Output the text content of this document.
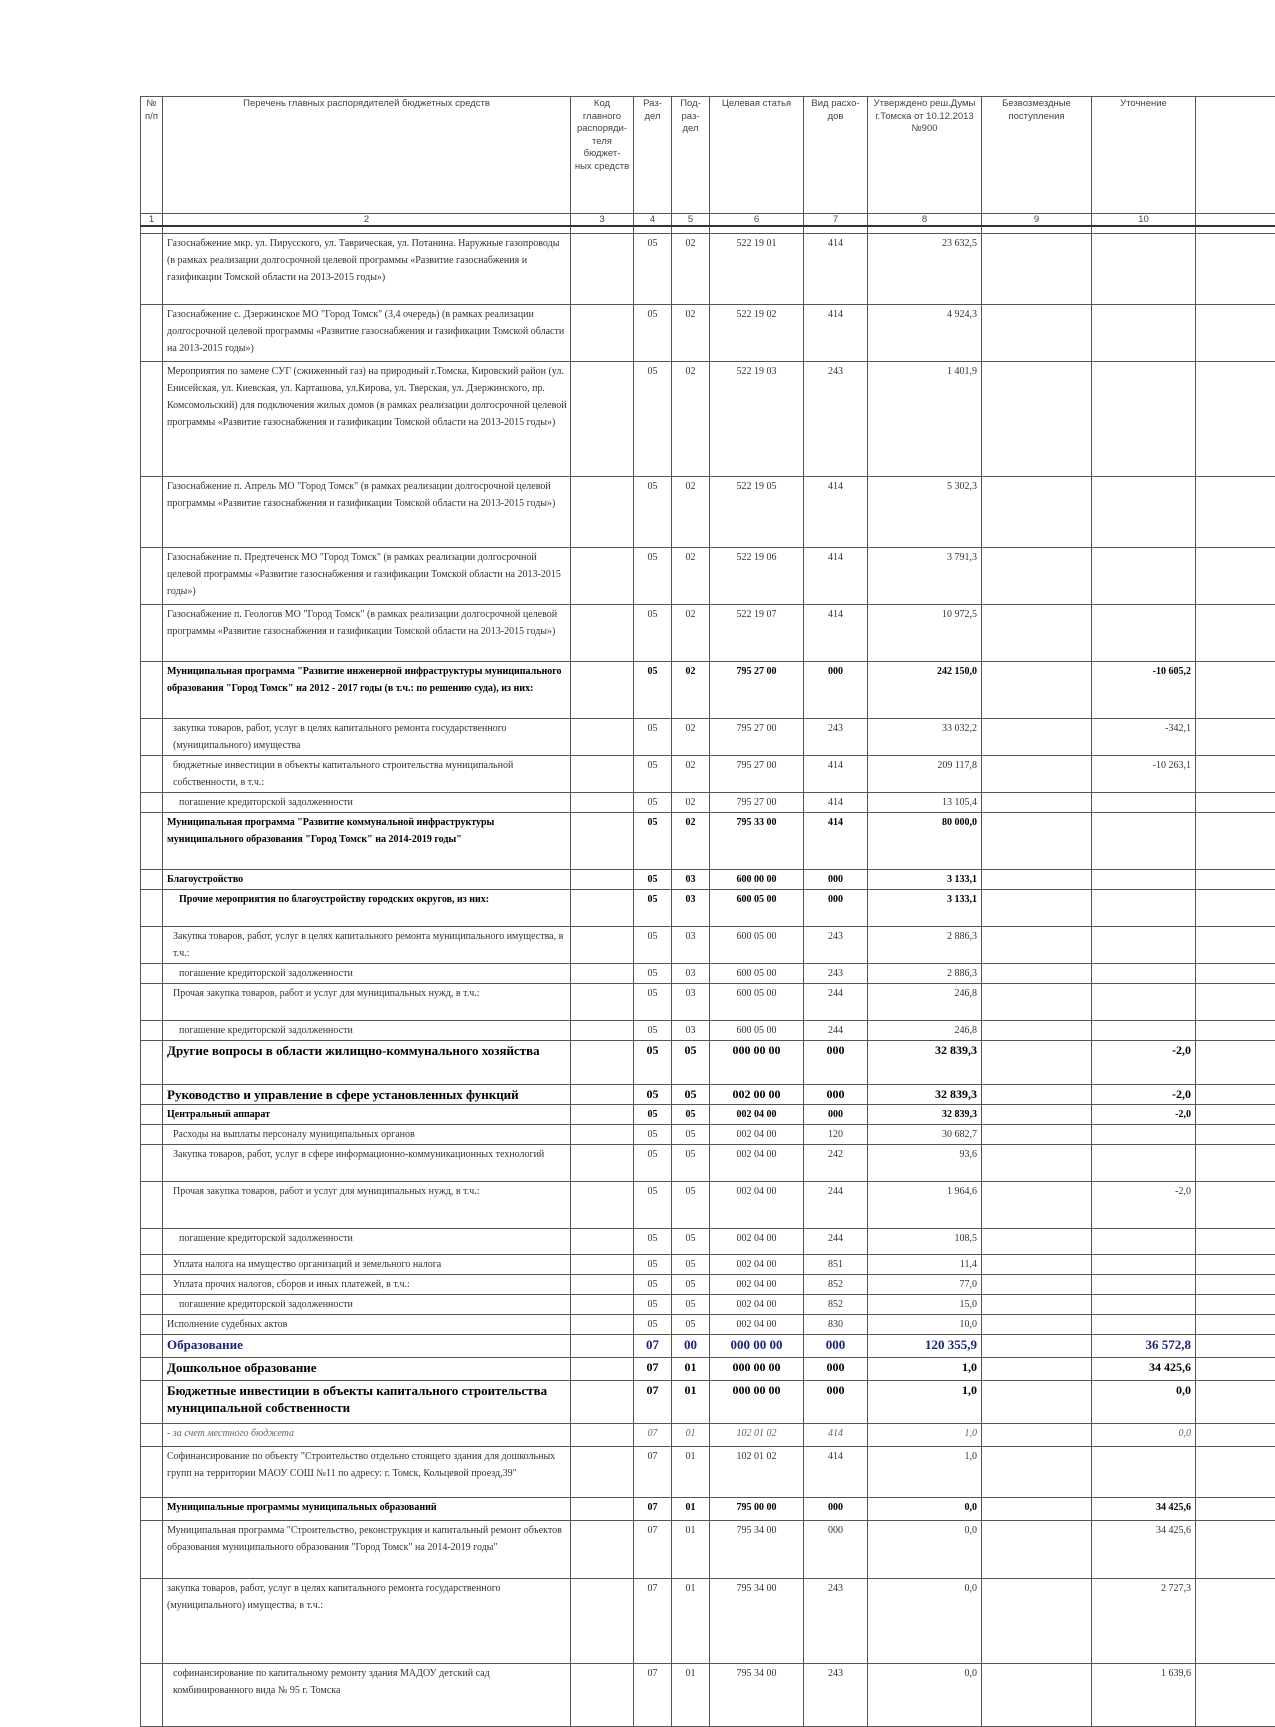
№ п/п	Перечень главных распорядителей бюджетных средств	Код главного распоряди- теля бюджет- ных средств	Раз- дел	Под- раз- дел	Целевая статья	Вид расхо- дов	Утверждено реш.Думы г.Томска от 10.12.2013 №900	Безвозмездные поступления	Уточнение	
1	2	3	4	5	6	7	8	9	10	

	Газоснабжение мкр. ул. Пирусского, ул. Таврическая, ул. Потанина. Наружные газопроводы (в рамках реализации долгосрочной целевой программы «Развитие газоснабжения и газификации Томской области на 2013-2015 годы»)		05	02	522 19 01	414	23 632,5			
	Газоснабжение с. Дзержинское МО "Город Томск" (3,4 очередь) (в рамках реализации долгосрочной целевой программы «Развитие газоснабжения и газификации Томской области на 2013-2015 годы»)		05	02	522 19 02	414	4 924,3			
	Мероприятия по замене СУГ (сжиженный газ) на природный г.Томска, Кировский район (ул. Енисейская, ул. Киевская, ул. Карташова, ул.Кирова, ул. Тверская, ул. Дзержинского, пр. Комсомольский) для подключения жилых домов (в рамках реализации долгосрочной целевой программы «Развитие газоснабжения и газификации Томской области на 2013-2015 годы»)		05	02	522 19 03	243	1 401,9			
	Газоснабжение п. Апрель МО "Город Томск" (в рамках реализации долгосрочной целевой программы «Развитие газоснабжения и газификации Томской области на 2013-2015 годы»)		05	02	522 19 05	414	5 302,3			
	Газоснабжение п. Предтеченск МО "Город Томск" (в рамках реализации долгосрочной целевой программы «Развитие газоснабжения и газификации Томской области на 2013-2015 годы»)		05	02	522 19 06	414	3 791,3			
	Газоснабжение п. Геологов МО "Город Томск" (в рамках реализации долгосрочной целевой программы «Развитие газоснабжения и газификации Томской области на 2013-2015 годы»)		05	02	522 19 07	414	10 972,5			
	Муниципальная программа "Развитие инженерной инфраструктуры муниципального образования "Город Томск" на 2012 - 2017 годы (в т.ч.: по решению суда), из них:		05	02	795 27 00	000	242 150,0		-10 605,2	
	закупка товаров, работ, услуг в целях капитального ремонта государственного (муниципального) имущества		05	02	795 27 00	243	33 032,2		-342,1	
	бюджетные инвестиции в объекты капитального строительства муниципальной собственности, в т.ч.:		05	02	795 27 00	414	209 117,8		-10 263,1	
	погашение кредиторской задолженности		05	02	795 27 00	414	13 105,4			
	Муниципальная программа "Развитие коммунальной инфраструктуры муниципального образования "Город Томск" на 2014-2019 годы"		05	02	795 33 00	414	80 000,0			
	Благоустройство		05	03	600 00 00	000	3 133,1			
	Прочие мероприятия по благоустройству городских округов, из них:		05	03	600 05 00	000	3 133,1			
	Закупка товаров, работ, услуг в целях капитального ремонта муниципального имущества, в т.ч.:		05	03	600 05 00	243	2 886,3			
	погашение кредиторской задолженности		05	03	600 05 00	243	2 886,3			
	Прочая закупка товаров, работ и услуг для муниципальных нужд, в т.ч.:		05	03	600 05 00	244	246,8			
	погашение кредиторской задолженности		05	03	600 05 00	244	246,8			
	Другие вопросы в области жилищно-коммунального хозяйства		05	05	000 00 00	000	32 839,3		-2,0	
	Руководство и управление в сфере установленных функций		05	05	002 00 00	000	32 839,3		-2,0	
	Центральный аппарат		05	05	002 04 00	000	32 839,3		-2,0	
	Расходы на выплаты персоналу муниципальных органов		05	05	002 04 00	120	30 682,7			
	Закупка товаров, работ, услуг в сфере информационно-коммуникационных технологий		05	05	002 04 00	242	93,6			
	Прочая закупка товаров, работ и услуг для муниципальных нужд, в т.ч.:		05	05	002 04 00	244	1 964,6		-2,0	
	погашение кредиторской задолженности		05	05	002 04 00	244	108,5			
	Уплата налога на имущество организаций и земельного налога		05	05	002 04 00	851	11,4			
	Уплата прочих налогов, сборов и иных платежей, в т.ч.:		05	05	002 04 00	852	77,0			
	погашение кредиторской задолженности		05	05	002 04 00	852	15,0			
	Исполнение судебных актов		05	05	002 04 00	830	10,0			
	Образование		07	00	000 00 00	000	120 355,9		36 572,8	
	Дошкольное образование		07	01	000 00 00	000	1,0		34 425,6	
	Бюджетные инвестиции в объекты капитального строительства муниципальной собственности		07	01	000 00 00	000	1,0		0,0	
	- за счет местного бюджета		07	01	102 01 02	414	1,0		0,0	
	Софинансирование по объекту "Строительство отдельно стоящего здания для дошкольных групп на территории МАОУ СОШ №11 по адресу: г. Томск, Кольцевой проезд,39"		07	01	102 01 02	414	1,0			
	Муниципальные программы муниципальных образований		07	01	795 00 00	000	0,0		34 425,6	
	Муниципальная программа "Строительство, реконструкция и капитальный ремонт объектов образования муниципального образования "Город Томск" на 2014-2019 годы"		07	01	795 34 00	000	0,0		34 425,6	
	закупка товаров, работ, услуг в целях капитального ремонта государственного (муниципального) имущества, в т.ч.:		07	01	795 34 00	243	0,0		2 727,3	
	софинансирование по капитальному ремонту здания МАДОУ детский сад комбинированного вида № 95 г. Томска		07	01	795 34 00	243	0,0		1 639,6	
